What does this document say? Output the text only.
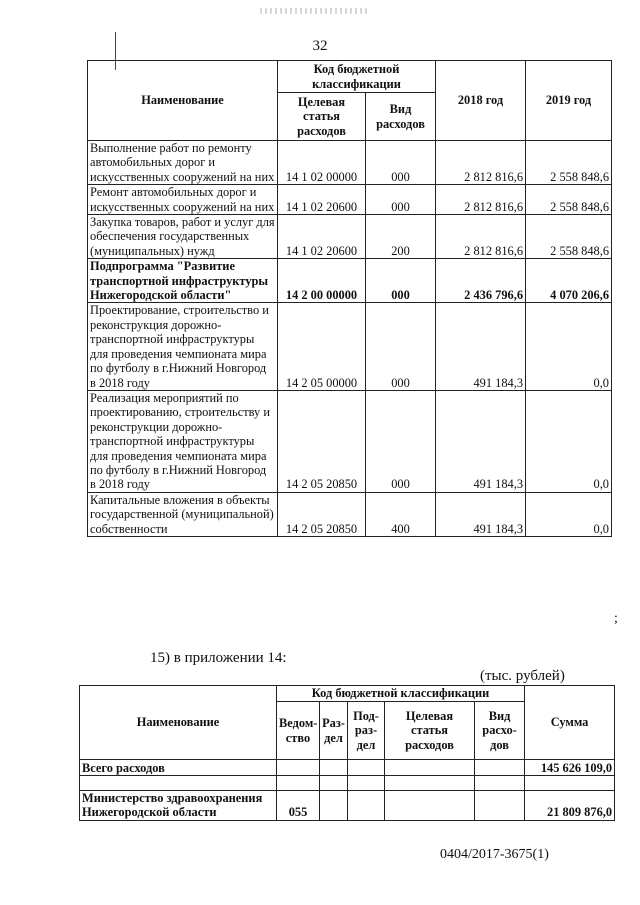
32
Наименование	Код бюджетной классификации		2018 год	2019 год
	Целевая статья расходов	Вид расходов		
Выполнение работ по ремонту автомобильных дорог и искусственных сооружений на них	14 1 02 00000	000	2 812 816,6	2 558 848,6
Ремонт автомобильных дорог и искусственных сооружений на них	14 1 02 20600	000	2 812 816,6	2 558 848,6
Закупка товаров, работ и услуг для обеспечения государственных (муниципальных) нужд	14 1 02 20600	200	2 812 816,6	2 558 848,6
Подпрограмма "Развитие транспортной инфраструктуры Нижегородской области"	14 2 00 00000	000	2 436 796,6	4 070 206,6
Проектирование, строительство и реконструкция дорожно-транспортной инфраструктуры для проведения чемпионата мира по футболу в г.Нижний Новгород в 2018 году	14 2 05 00000	000	491 184,3	0,0
Реализация мероприятий по проектированию, строительству и реконструкции дорожно-транспортной инфраструктуры для проведения чемпионата мира по футболу в г.Нижний Новгород в 2018 году	14 2 05 20850	000	491 184,3	0,0
Капитальные вложения в объекты государственной (муниципальной) собственности	14 2 05 20850	400	491 184,3	0,0
;
15) в приложении 14:
(тыс. рублей)
Наименование	Код бюджетной классификации					Сумма
	Ведом-ство	Раз-дел	Под-раз-дел	Целевая статья расходов	Вид расхо-дов	
Всего расходов						145 626 109,0

Министерство здравоохранения Нижегородской области	055					21 809 876,0
0404/2017-3675(1)
